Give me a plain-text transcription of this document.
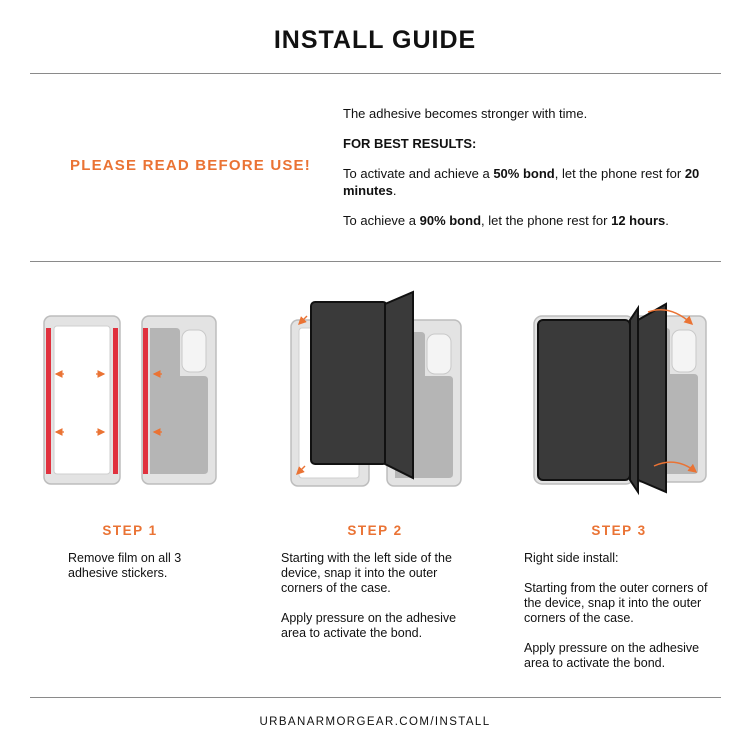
INSTALL GUIDE
PLEASE READ BEFORE USE!

The adhesive becomes stronger with time.

FOR BEST RESULTS:

To activate and achieve a 50% bond, let the phone rest for 20 minutes.

To achieve a 90% bond, let the phone rest for 12 hours.

STEP 1	STEP 2	STEP 3

Remove film on all 3 adhesive stickers.

Starting with the left side of the device, snap it into the outer corners of the case.

Apply pressure on the adhesive area to activate the bond.

Right side install:

Starting from the outer corners of the device, snap it into the outer corners of the case.

Apply pressure on the adhesive area to activate the bond.

URBANARMORGEAR.COM/INSTALL
